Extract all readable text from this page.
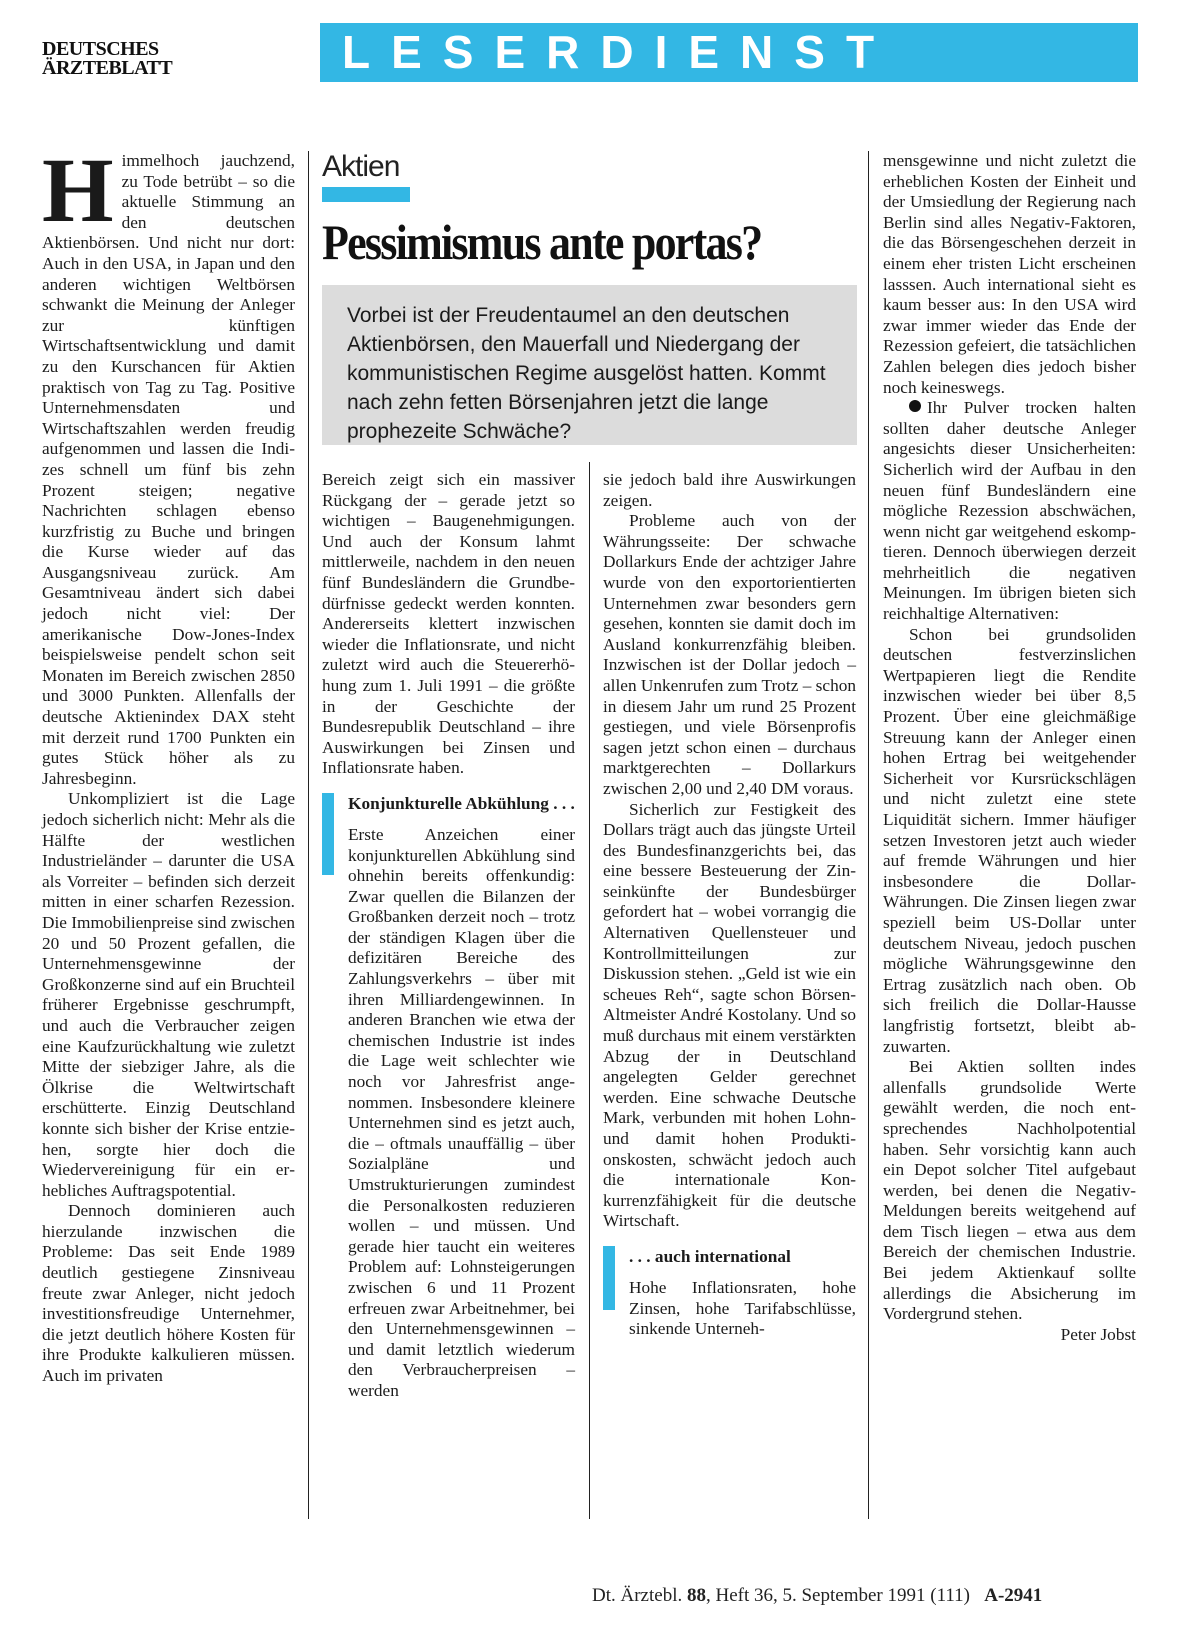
DEUTSCHES
ÄRZTEBLATT	LESERDIENST
Aktien
Pessimismus ante portas?
Vorbei ist der Freudentaumel an den deutschen Aktienbörsen, den Mauerfall und Niedergang der kommunistischen Regime ausgelöst hatten. Kommt nach zehn fetten Börsenjahren jetzt die lange prophezeite Schwäche?

Himmelhoch jauchzend, zu Tode betrübt – so die aktuelle Stimmung an den deutschen Aktienbörsen. Und nicht nur dort: Auch in den USA, in Japan und den anderen wichtigen Weltbörsen schwankt die Meinung der Anleger zur künftigen Wirtschaftsentwicklung und damit zu den Kurschancen für Aktien praktisch von Tag zu Tag. Positive Unternehmensdaten und Wirtschaftszahlen werden freudig aufgenommen und lassen die Indizes schnell um fünf bis zehn Prozent steigen; negative Nachrichten schlagen ebenso kurzfristig zu Buche und bringen die Kurse wieder auf das Ausgangsniveau zurück. Am Gesamtniveau ändert sich dabei jedoch nicht viel: Der amerikanische Dow-Jones-Index beispielsweise pendelt schon seit Monaten im Bereich zwischen 2850 und 3000 Punkten. Allenfalls der deutsche Aktienindex DAX steht mit derzeit rund 1700 Punkten ein gutes Stück höher als zu Jahresbeginn.

Unkompliziert ist die Lage jedoch sicherlich nicht: Mehr als die Hälfte der westlichen Industrieländer – darunter die USA als Vorreiter – befinden sich derzeit mitten in einer scharfen Rezession. Die Immobilienpreise sind zwischen 20 und 50 Prozent gefallen, die Unternehmensgewinne der Großkonzerne sind auf ein Bruchteil früherer Ergebnisse geschrumpft, und auch die Verbraucher zeigen eine Kaufzurückhaltung wie zuletzt Mitte der siebziger Jahre, als die Ölkrise die Weltwirtschaft erschütterte. Einzig Deutschland konnte sich bisher der Krise entziehen, sorgte hier doch die Wiedervereinigung für ein erhebliches Auftragspotential.

Dennoch dominieren auch hierzulande inzwischen die Probleme: Das seit Ende 1989 deutlich gestiegene Zinsniveau freute zwar Anleger, nicht jedoch investitionsfreudige Unternehmer, die jetzt deutlich höhere Kosten für ihre Produkte kalkulieren müssen. Auch im privaten

Bereich zeigt sich ein massiver Rückgang der – gerade jetzt so wichtigen – Baugenehmigungen. Und auch der Konsum lahmt mittlerweile, nachdem in den neuen fünf Bundesländern die Grundbedürfnisse gedeckt werden konnten. Andererseits klettert inzwischen wieder die Inflationsrate, und nicht zuletzt wird auch die Steuererhöhung zum 1. Juli 1991 – die größte in der Geschichte der Bundesrepublik Deutschland – ihre Auswirkungen bei Zinsen und Inflationsrate haben.

Konjunkturelle Abkühlung . . .

Erste Anzeichen einer konjunkturellen Abkühlung sind ohnehin bereits offenkundig: Zwar quellen die Bilanzen der Großbanken derzeit noch – trotz der ständigen Klagen über die defizitären Bereiche des Zahlungsverkehrs – über mit ihren Milliardengewinnen. In anderen Branchen wie etwa der chemischen Industrie ist indes die Lage weit schlechter wie noch vor Jahresfrist angenommen. Insbesondere kleinere Unternehmen sind es jetzt auch, die – oftmals unauffällig – über Sozialpläne und Umstrukturierungen zumindest die Personalkosten reduzieren wollen – und müssen. Und gerade hier taucht ein weiteres Problem auf: Lohnsteigerungen zwischen 6 und 11 Prozent erfreuen zwar Arbeitnehmer, bei den Unternehmensgewinnen – und damit letztlich wiederum den Verbraucherpreisen – werden

sie jedoch bald ihre Auswirkungen zeigen.

Probleme auch von der Währungsseite: Der schwache Dollarkurs Ende der achtziger Jahre wurde von den exportorientierten Unternehmen zwar besonders gern gesehen, konnten sie damit doch im Ausland konkurrenzfähig bleiben. Inzwischen ist der Dollar jedoch – allen Unkenrufen zum Trotz – schon in diesem Jahr um rund 25 Prozent gestiegen, und viele Börsenprofis sagen jetzt schon einen – durchaus marktgerechten – Dollarkurs zwischen 2,00 und 2,40 DM voraus.

Sicherlich zur Festigkeit des Dollars trägt auch das jüngste Urteil des Bundesfinanzgerichts bei, das eine bessere Besteuerung der Zinseinkünfte der Bundesbürger gefordert hat – wobei vorrangig die Alternativen Quellensteuer und Kontrollmitteilungen zur Diskussion stehen. „Geld ist wie ein scheues Reh“, sagte schon Börsen-Altmeister André Kostolany. Und so muß durchaus mit einem verstärkten Abzug der in Deutschland angelegten Gelder gerechnet werden. Eine schwache Deutsche Mark, verbunden mit hohen Lohn- und damit hohen Produktionskosten, schwächt jedoch auch die internationale Konkurrenzfähigkeit für die deutsche Wirtschaft.

. . . auch international

Hohe Inflationsraten, hohe Zinsen, hohe Tarifabschlüsse, sinkende Unterneh-

mensgewinne und nicht zuletzt die erheblichen Kosten der Einheit und der Umsiedlung der Regierung nach Berlin sind alles Negativ-Faktoren, die das Börsengeschehen derzeit in einem eher tristen Licht erscheinen lasssen. Auch international sieht es kaum besser aus: In den USA wird zwar immer wieder das Ende der Rezession gefeiert, die tatsächlichen Zahlen belegen dies jedoch bisher noch keineswegs.

Ihr Pulver trocken halten sollten daher deutsche Anleger angesichts dieser Unsicherheiten: Sicherlich wird der Aufbau in den neuen fünf Bundesländern eine mögliche Rezession abschwächen, wenn nicht gar weitgehend eskomptieren. Dennoch überwiegen derzeit mehrheitlich die negativen Meinungen. Im übrigen bieten sich reichhaltige Alternativen:

Schon bei grundsoliden deutschen festverzinslichen Wertpapieren liegt die Rendite inzwischen wieder bei über 8,5 Prozent. Über eine gleichmäßige Streuung kann der Anleger einen hohen Ertrag bei weitgehender Sicherheit vor Kursrückschlägen und nicht zuletzt eine stete Liquidität sichern. Immer häufiger setzen Investoren jetzt auch wieder auf fremde Währungen und hier insbesondere die Dollar-Währungen. Die Zinsen liegen zwar speziell beim US-Dollar unter deutschem Niveau, jedoch puschen mögliche Währungsgewinne den Ertrag zusätzlich nach oben. Ob sich freilich die Dollar-Hausse langfristig fortsetzt, bleibt abzuwarten.

Bei Aktien sollten indes allenfalls grundsolide Werte gewählt werden, die noch entsprechendes Nachholpotential haben. Sehr vorsichtig kann auch ein Depot solcher Titel aufgebaut werden, bei denen die Negativ-Meldungen bereits weitgehend auf dem Tisch liegen – etwa aus dem Bereich der chemischen Industrie. Bei jedem Aktienkauf sollte allerdings die Absicherung im Vordergrund stehen.

Peter Jobst

Dt. Ärztebl. 88, Heft 36, 5. September 1991 (111) A-2941
